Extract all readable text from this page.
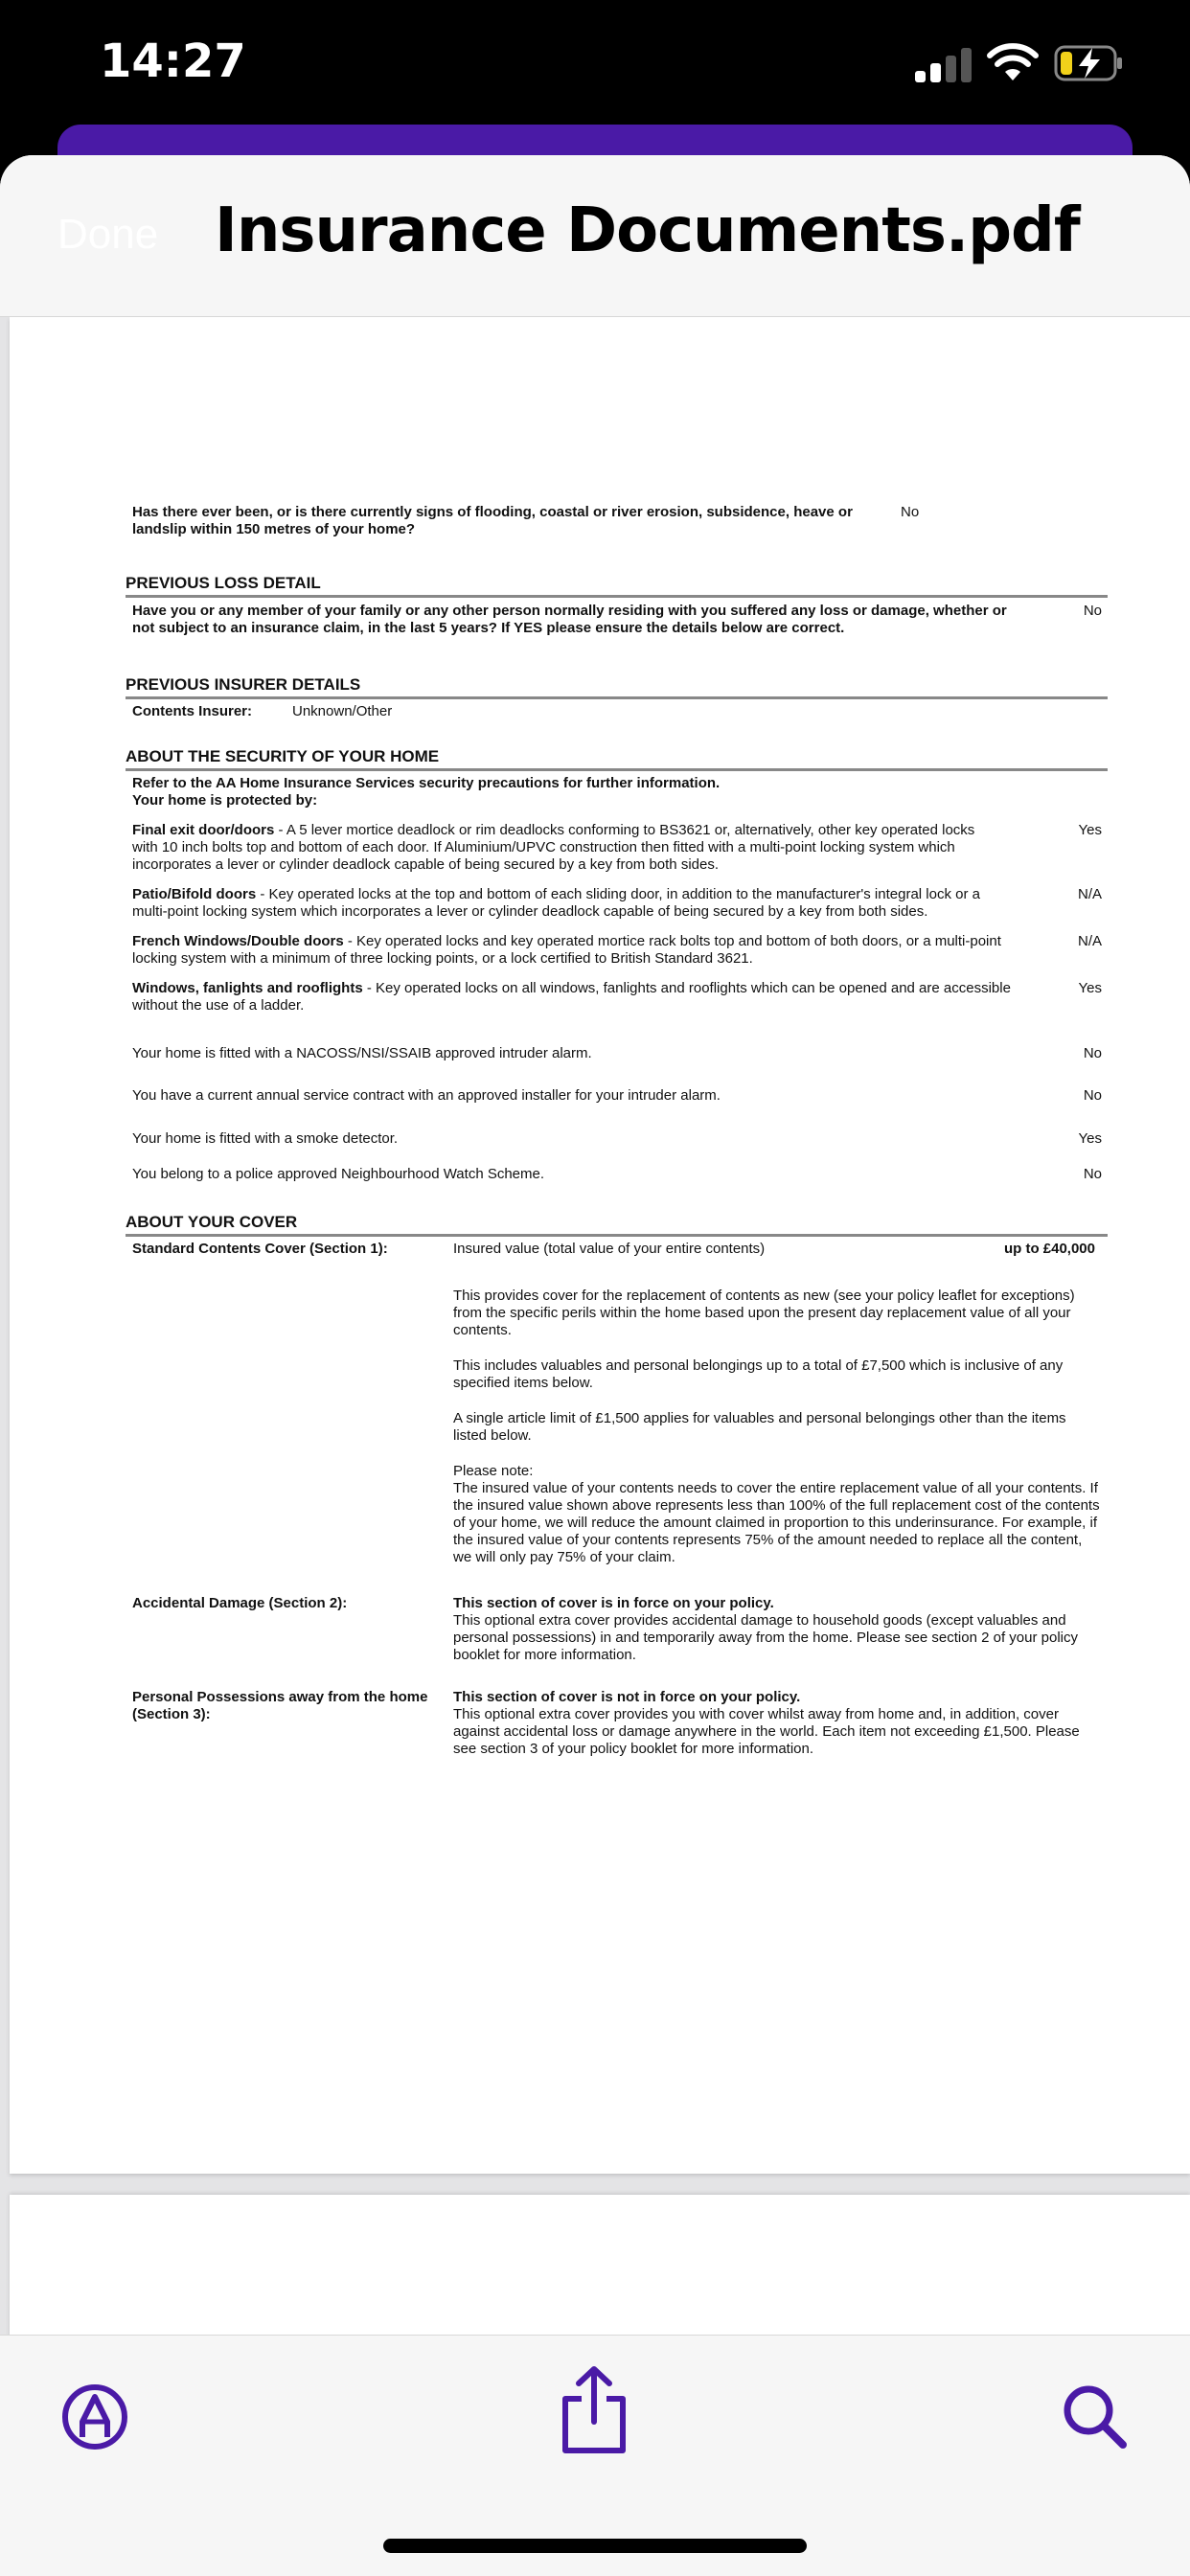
14:27
Done Insurance Documents.pdf
Has there ever been, or is there currently signs of flooding, coastal or river erosion, subsidence, heave or landslip within 150 metres of your home?
No
PREVIOUS LOSS DETAIL
Have you or any member of your family or any other person normally residing with you suffered any loss or damage, whether or not subject to an insurance claim, in the last 5 years? If YES please ensure the details below are correct.
No
PREVIOUS INSURER DETAILS
Contents Insurer:	Unknown/Other
ABOUT THE SECURITY OF YOUR HOME
Refer to the AA Home Insurance Services security precautions for further information.
Your home is protected by:
Final exit door/doors - A 5 lever mortice deadlock or rim deadlocks conforming to BS3621 or, alternatively, other key operated locks with 10 inch bolts top and bottom of each door. If Aluminium/UPVC construction then fitted with a multi-point locking system which incorporates a lever or cylinder deadlock capable of being secured by a key from both sides.
Yes
Patio/Bifold doors - Key operated locks at the top and bottom of each sliding door, in addition to the manufacturer's integral lock or a multi-point locking system which incorporates a lever or cylinder deadlock capable of being secured by a key from both sides.
N/A
French Windows/Double doors - Key operated locks and key operated mortice rack bolts top and bottom of both doors, or a multi-point locking system with a minimum of three locking points, or a lock certified to British Standard 3621.
N/A
Windows, fanlights and rooflights - Key operated locks on all windows, fanlights and rooflights which can be opened and are accessible without the use of a ladder.
Yes
Your home is fitted with a NACOSS/NSI/SSAIB approved intruder alarm.	No
You have a current annual service contract with an approved installer for your intruder alarm.	No
Your home is fitted with a smoke detector.	Yes
You belong to a police approved Neighbourhood Watch Scheme.	No
ABOUT YOUR COVER
Standard Contents Cover (Section 1):	Insured value (total value of your entire contents)	up to £40,000
This provides cover for the replacement of contents as new (see your policy leaflet for exceptions) from the specific perils within the home based upon the present day replacement value of all your contents.
This includes valuables and personal belongings up to a total of £7,500 which is inclusive of any specified items below.
A single article limit of £1,500 applies for valuables and personal belongings other than the items listed below.
Please note:
The insured value of your contents needs to cover the entire replacement value of all your contents. If the insured value shown above represents less than 100% of the full replacement cost of the contents of your home, we will reduce the amount claimed in proportion to this underinsurance. For example, if the insured value of your contents represents 75% of the amount needed to replace all the content, we will only pay 75% of your claim.
Accidental Damage (Section 2):	This section of cover is in force on your policy.
This optional extra cover provides accidental damage to household goods (except valuables and personal possessions) in and temporarily away from the home. Please see section 2 of your policy booklet for more information.
Personal Possessions away from the home
(Section 3):
This section of cover is not in force on your policy.
This optional extra cover provides you with cover whilst away from home and, in addition, cover against accidental loss or damage anywhere in the world. Each item not exceeding £1,500. Please see section 3 of your policy booklet for more information.
